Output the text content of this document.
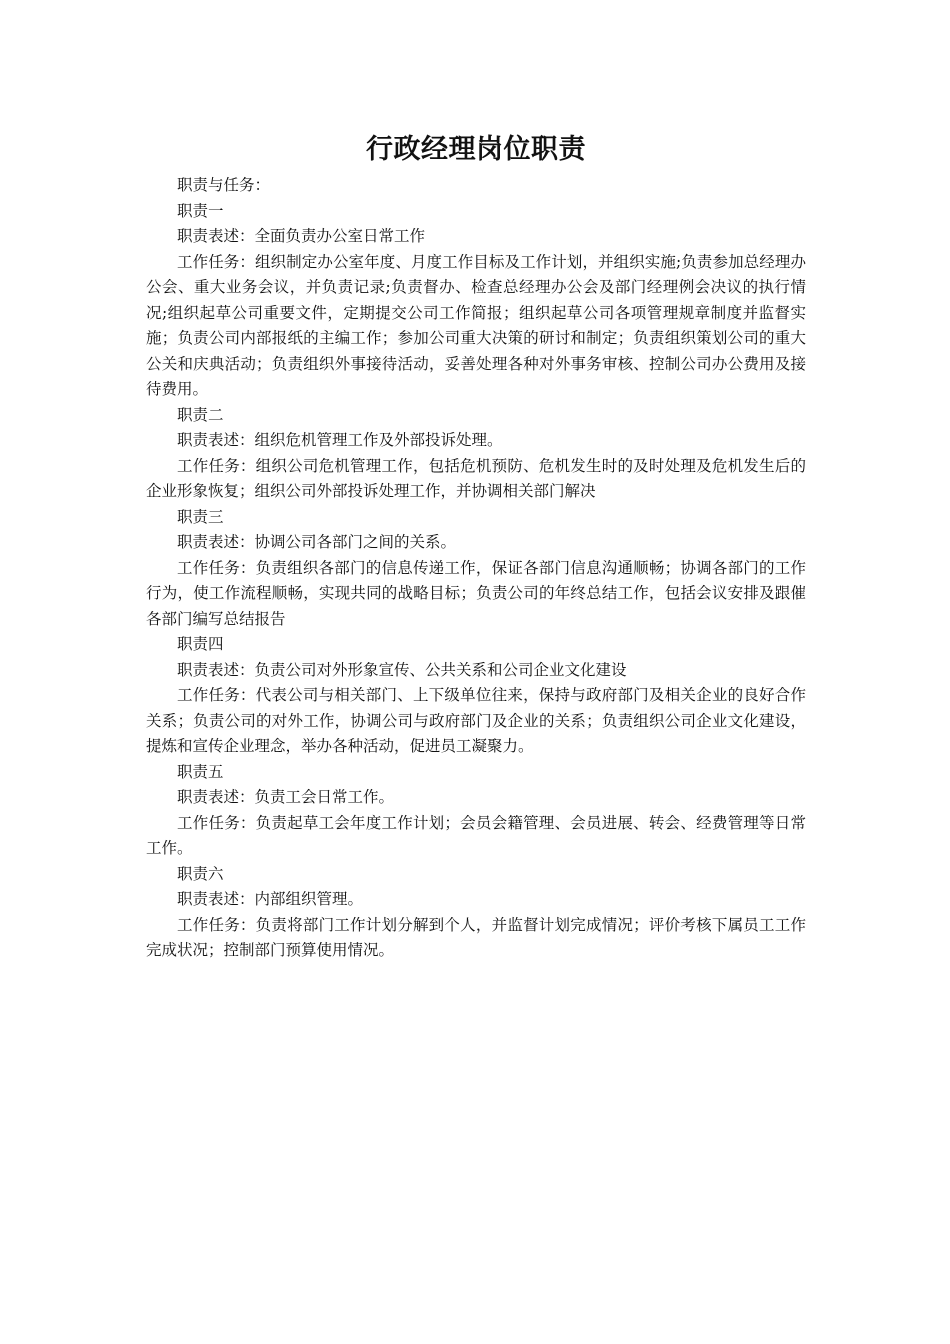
行政经理岗位职责

职责与任务：

职责一

职责表述：全面负责办公室日常工作

工作任务：组织制定办公室年度、月度工作目标及工作计划，并组织实施;负责参加总经理办公会、重大业务会议，并负责记录;负责督办、检查总经理办公会及部门经理例会决议的执行情况;组织起草公司重要文件，定期提交公司工作简报；组织起草公司各项管理规章制度并监督实施；负责公司内部报纸的主编工作；参加公司重大决策的研讨和制定；负责组织策划公司的重大公关和庆典活动；负责组织外事接待活动，妥善处理各种对外事务审核、控制公司办公费用及接待费用。

职责二

职责表述：组织危机管理工作及外部投诉处理。

工作任务：组织公司危机管理工作，包括危机预防、危机发生时的及时处理及危机发生后的企业形象恢复；组织公司外部投诉处理工作，并协调相关部门解决

职责三

职责表述：协调公司各部门之间的关系。

工作任务：负责组织各部门的信息传递工作，保证各部门信息沟通顺畅；协调各部门的工作行为，使工作流程顺畅，实现共同的战略目标；负责公司的年终总结工作，包括会议安排及跟催各部门编写总结报告

职责四

职责表述：负责公司对外形象宣传、公共关系和公司企业文化建设

工作任务：代表公司与相关部门、上下级单位往来，保持与政府部门及相关企业的良好合作关系；负责公司的对外工作，协调公司与政府部门及企业的关系；负责组织公司企业文化建设，提炼和宣传企业理念，举办各种活动，促进员工凝聚力。

职责五

职责表述：负责工会日常工作。

工作任务：负责起草工会年度工作计划；会员会籍管理、会员进展、转会、经费管理等日常工作。

职责六

职责表述：内部组织管理。

工作任务：负责将部门工作计划分解到个人，并监督计划完成情况；评价考核下属员工工作完成状况；控制部门预算使用情况。
